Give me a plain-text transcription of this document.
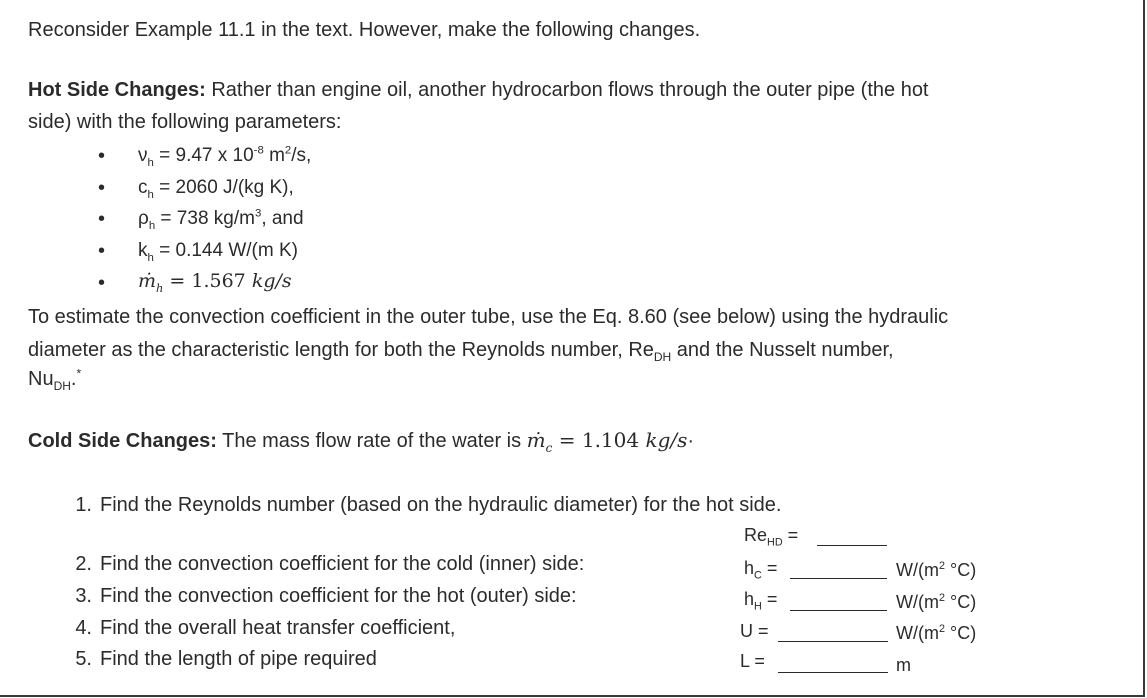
Reconsider Example 11.1 in the text. However, make the following changes.
Hot Side Changes: Rather than engine oil, another hydrocarbon flows through the outer pipe (the hot
side) with the following parameters:
•
$\nu_h = 9.47$ x $10^{-8}$ $m^2/s$,
•
$c_h = 2060$ J/(kg K),
•
$\rho_h = 738$ $kg/m^3$, and
•
$k_h = 0.144$ W/(m K)
•
ṁ$_h$ = 1.567 kg/s
To estimate the convection coefficient in the outer tube, use the Eq. 8.60 (see below) using the hydraulic
diameter as the characteristic length for both the Reynolds number, $Re_{DH}$ and the Nusselt number,
$Nu_{DH}.^*$
Cold Side Changes: The mass flow rate of the water is ṁ$_c$ = 1.104 kg/s·
1. Find the Reynolds number (based on the hydraulic diameter) for the hot side.
2. Find the convection coefficient for the cold (inner) side:
3. Find the convection coefficient for the hot (outer) side:
4. Find the overall heat transfer coefficient,
5. Find the length of pipe required
$Re_{HD}$ =
$h_C$ =	$W/(m^2$ °C)
$h_H$ =	$W/(m^2$ °C)
U =	$W/(m^2$ °C)
L =	m
